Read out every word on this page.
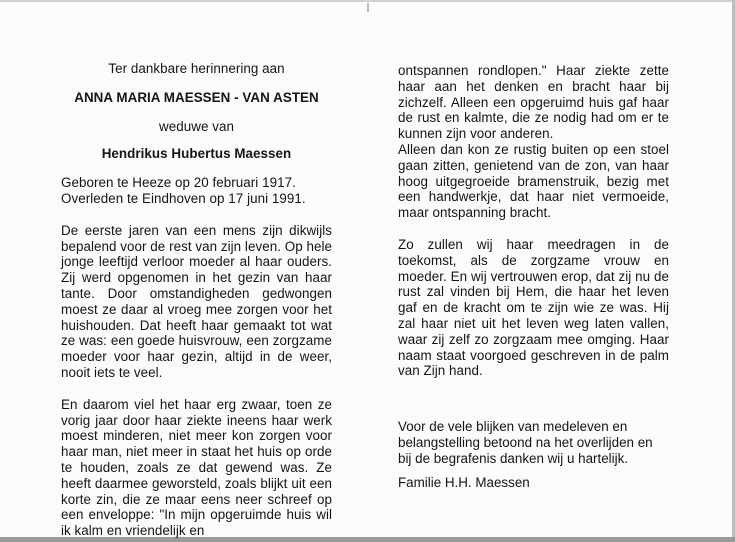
Ter dankbare herinnering aan

ANNA MARIA MAESSEN - VAN ASTEN

weduwe van

Hendrikus Hubertus Maessen

Geboren te Heeze op 20 februari 1917.

Overleden te Eindhoven op 17 juni 1991.

De eerste jaren van een mens zijn dikwijls bepalend voor de rest van zijn leven. Op hele jonge leeftijd verloor moeder al haar ouders. Zij werd opgenomen in het gezin van haar tante. Door omstandigheden gedwongen moest ze daar al vroeg mee zorgen voor het huishouden. Dat heeft haar gemaakt tot wat ze was: een goede huisvrouw, een zorgzame moeder voor haar gezin, altijd in de weer, nooit iets te veel.

En daarom viel het haar erg zwaar, toen ze vorig jaar door haar ziekte ineens haar werk moest minderen, niet meer kon zorgen voor haar man, niet meer in staat het huis op orde te houden, zoals ze dat gewend was. Ze heeft daarmee geworsteld, zoals blijkt uit een korte zin, die ze maar eens neer schreef op een enveloppe: "In mijn opgeruimde huis wil ik kalm en vriendelijk en

ontspannen rondlopen." Haar ziekte zette haar aan het denken en bracht haar bij zichzelf. Alleen een opgeruimd huis gaf haar de rust en kalmte, die ze nodig had om er te kunnen zijn voor anderen.

Alleen dan kon ze rustig buiten op een stoel gaan zitten, genietend van de zon, van haar hoog uitgegroeide bramenstruik, bezig met een handwerkje, dat haar niet vermoeide, maar ontspanning bracht.

Zo zullen wij haar meedragen in de toekomst, als de zorgzame vrouw en moeder. En wij vertrouwen erop, dat zij nu de rust zal vinden bij Hem, die haar het leven gaf en de kracht om te zijn wie ze was. Hij zal haar niet uit het leven weg laten vallen, waar zij zelf zo zorgzaam mee omging. Haar naam staat voorgoed geschreven in de palm van Zijn hand.

Voor de vele blijken van medeleven en belangstelling betoond na het overlijden en bij de begrafenis danken wij u hartelijk.

Familie H.H. Maessen
